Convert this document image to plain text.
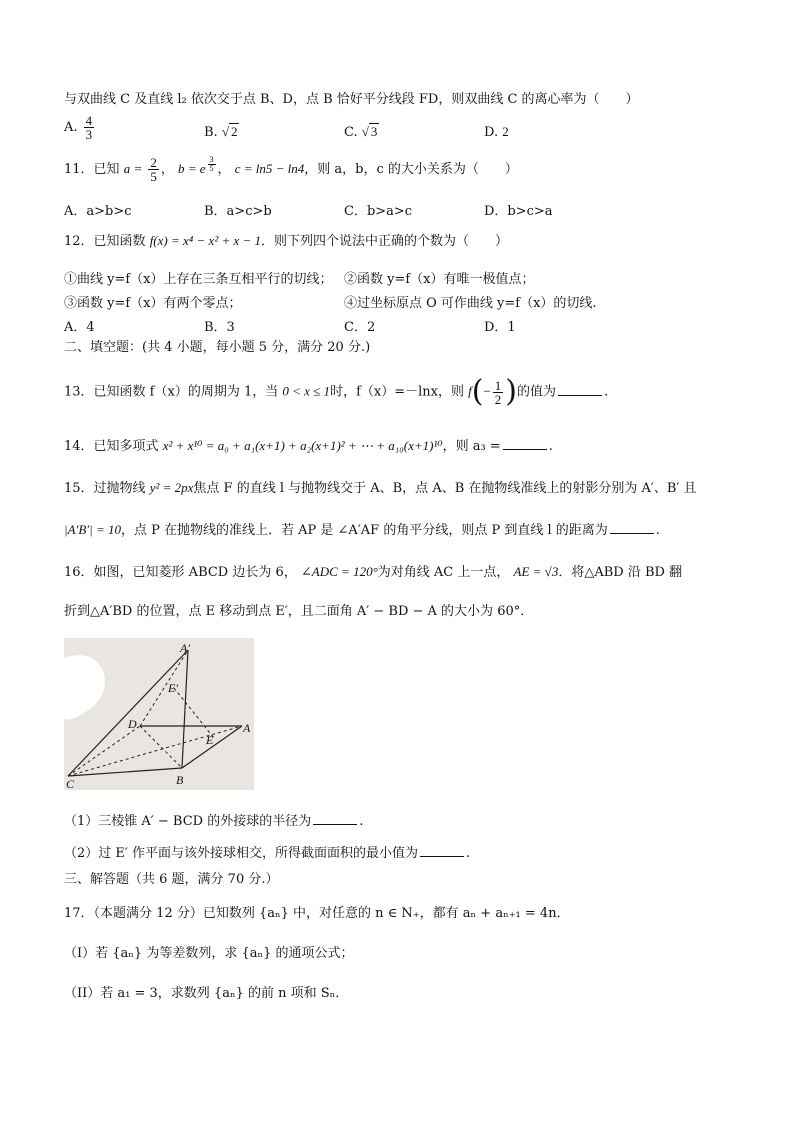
与双曲线 C 及直线 l₂ 依次交于点 B、D，点 B 恰好平分线段 FD，则双曲线 C 的离心率为（　　）
A. $\frac{4}{3}$	B. √ 2	C. √ 3	D. 2
11．已知 $a = \frac{2}{5}$ ， b = e $\frac{3}{5}$ ， c = ln5 − ln4，则 a，b，c 的大小关系为（　　）
A．a>b>c	B．a>c>b	C．b>a>c	D．b>c>a
12．已知函数 f(x) = x⁴ − x² + x − 1．则下列四个说法中正确的个数为（　　）
①曲线 y=f（x）上存在三条互相平行的切线； ②函数 y=f（x）有唯一极值点；
③函数 y=f（x）有两个零点；	④过坐标原点 O 可作曲线 y=f（x）的切线.
A．4	B．3	C．2	D．1
二、填空题：(共 4 小题，每小题 5 分，满分 20 分.)
13．已知函数 f（x）的周期为 1，当 0 < x ≤ 1时，f（x）=－lnx，则 $f(- \frac{1}{2}$ )的值为	.
14．已知多项式 x² + x¹⁰ = a₀ + a₁(x+1) + a₂(x+1)² + ⋯ + a₁₀(x+1)¹⁰，则 a₃ =	.
15．过抛物线 y² = 2px焦点 F 的直线 l 与抛物线交于 A、B，点 A、B 在抛物线准线上的射影分别为 A′、B′ 且
|A′B′| = 10，点 P 在抛物线的准线上．若 AP 是 ∠A′AF 的角平分线，则点 P 到直线 l 的距离为	.
16．如图，已知菱形 ABCD 边长为 6， ∠ADC = 120°为对角线 AC 上一点， AE = √3．将△ABD 沿 BD 翻
折到△A′BD 的位置，点 E 移动到点 E′，且二面角 A′ − BD − A 的大小为 60°．
A′
E′
D	A
E
C	B
（1）三棱锥 A′ − BCD 的外接球的半径为	.
（2）过 E′ 作平面与该外接球相交，所得截面面积的最小值为	.
三、解答题（共 6 题，满分 70 分.）
17．（本题满分 12 分）已知数列 {aₙ} 中，对任意的 n ∈ N₊，都有 aₙ + aₙ₊₁ = 4n．
（I）若 {aₙ} 为等差数列，求 {aₙ} 的通项公式；
（II）若 a₁ = 3，求数列 {aₙ} 的前 n 项和 Sₙ．
